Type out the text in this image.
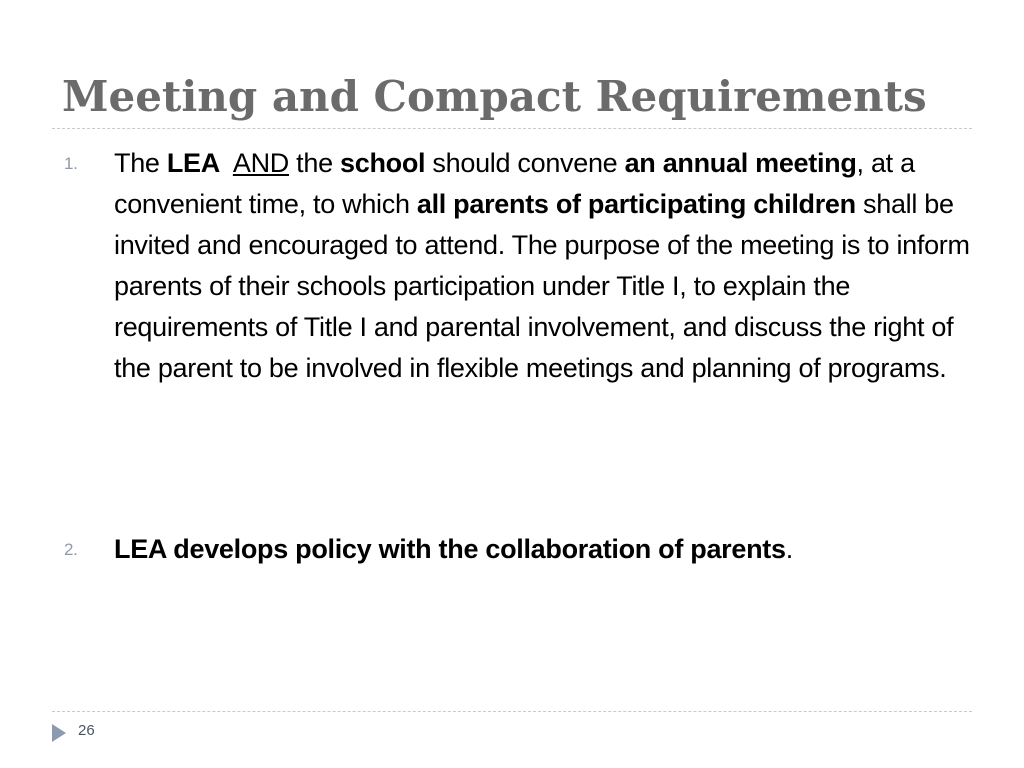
Meeting and Compact Requirements
1. The LEA AND the school should convene an annual meeting, at a convenient time, to which all parents of participating children shall be invited and encouraged to attend. The purpose of the meeting is to inform parents of their schools participation under Title I, to explain the requirements of Title I and parental involvement, and discuss the right of the parent to be involved in flexible meetings and planning of programs.
2. LEA develops policy with the collaboration of parents.
26
